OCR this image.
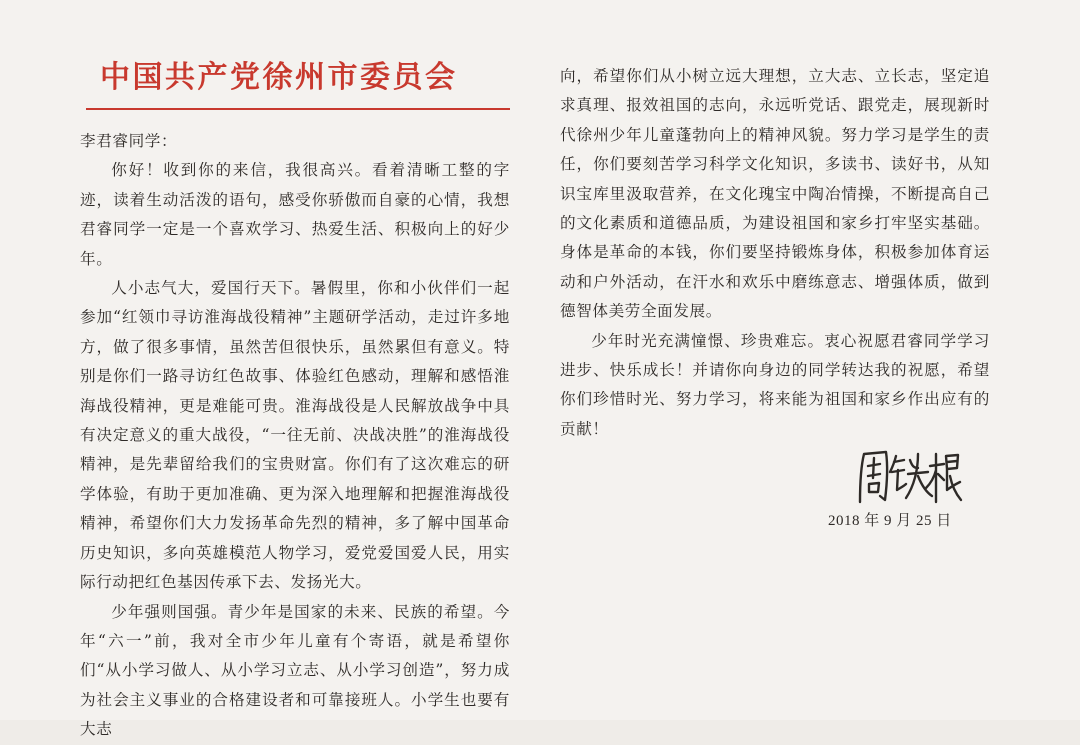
中国共产党徐州市委员会

李君睿同学：

你好！收到你的来信，我很高兴。看着清晰工整的字迹，读着生动活泼的语句，感受你骄傲而自豪的心情，我想君睿同学一定是一个喜欢学习、热爱生活、积极向上的好少年。

人小志气大，爱国行天下。暑假里，你和小伙伴们一起参加“红领巾寻访淮海战役精神”主题研学活动，走过许多地方，做了很多事情，虽然苦但很快乐，虽然累但有意义。特别是你们一路寻访红色故事、体验红色感动，理解和感悟淮海战役精神，更是难能可贵。淮海战役是人民解放战争中具有决定意义的重大战役，“一往无前、决战决胜”的淮海战役精神，是先辈留给我们的宝贵财富。你们有了这次难忘的研学体验，有助于更加准确、更为深入地理解和把握淮海战役精神，希望你们大力发扬革命先烈的精神，多了解中国革命历史知识，多向英雄模范人物学习，爱党爱国爱人民，用实际行动把红色基因传承下去、发扬光大。

少年强则国强。青少年是国家的未来、民族的希望。今年“六一”前，我对全市少年儿童有个寄语，就是希望你们“从小学习做人、从小学习立志、从小学习创造”，努力成为社会主义事业的合格建设者和可靠接班人。小学生也要有大志

向，希望你们从小树立远大理想，立大志、立长志，坚定追求真理、报效祖国的志向，永远听党话、跟党走，展现新时代徐州少年儿童蓬勃向上的精神风貌。努力学习是学生的责任，你们要刻苦学习科学文化知识，多读书、读好书，从知识宝库里汲取营养，在文化瑰宝中陶冶情操，不断提高自己的文化素质和道德品质，为建设祖国和家乡打牢坚实基础。身体是革命的本钱，你们要坚持锻炼身体，积极参加体育运动和户外活动，在汗水和欢乐中磨练意志、增强体质，做到德智体美劳全面发展。

少年时光充满憧憬、珍贵难忘。衷心祝愿君睿同学学习进步、快乐成长！并请你向身边的同学转达我的祝愿，希望你们珍惜时光、努力学习，将来能为祖国和家乡作出应有的贡献！

2018 年 9 月 25 日
